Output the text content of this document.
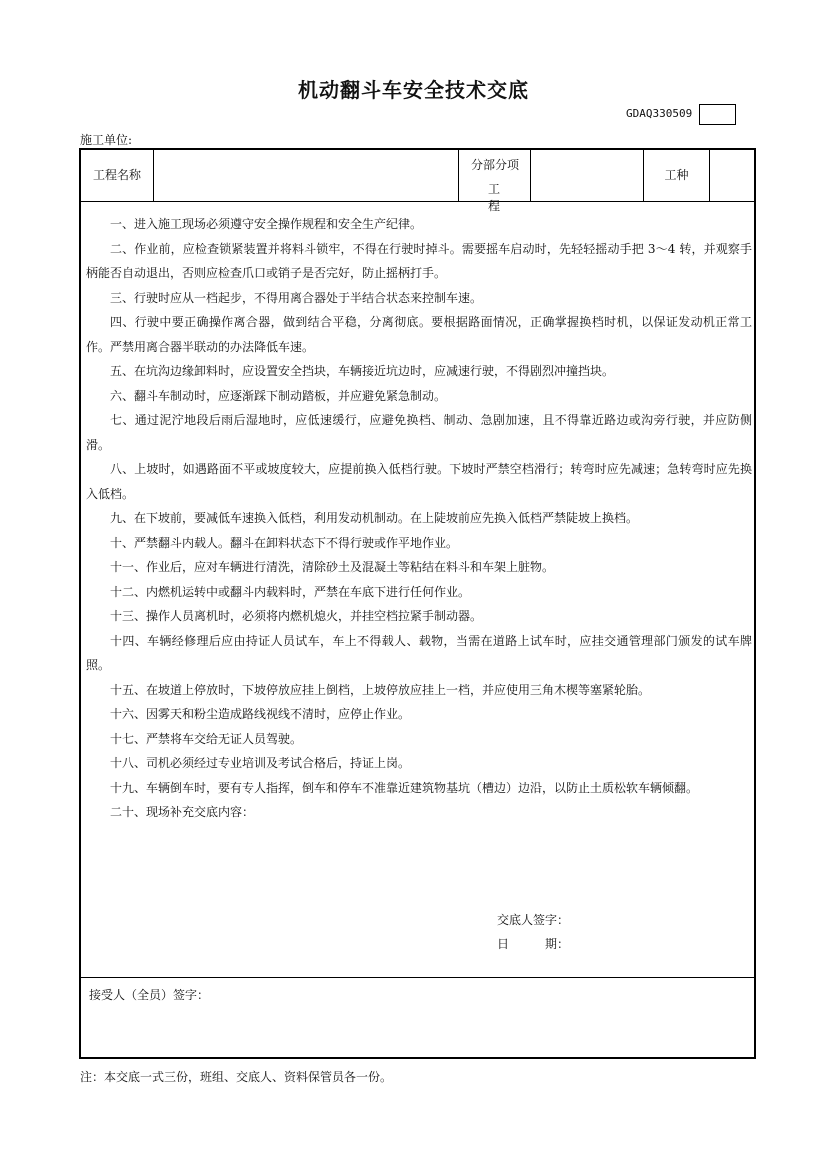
机动翻斗车安全技术交底
GDAQ330509
施工单位:
工程名称
分部分项
工程
工种

一、进入施工现场必须遵守安全操作规程和安全生产纪律。

二、作业前，应检查锁紧装置并将料斗锁牢，不得在行驶时掉斗。需要摇车启动时，先轻轻摇动手把 3～4 转，并观察手柄能否自动退出，否则应检查爪口或销子是否完好，防止摇柄打手。

三、行驶时应从一档起步，不得用离合器处于半结合状态来控制车速。

四、行驶中要正确操作离合器，做到结合平稳，分离彻底。要根据路面情况，正确掌握换档时机，以保证发动机正常工作。严禁用离合器半联动的办法降低车速。

五、在坑沟边缘卸料时，应设置安全挡块，车辆接近坑边时，应减速行驶，不得剧烈冲撞挡块。

六、翻斗车制动时，应逐渐踩下制动踏板，并应避免紧急制动。

七、通过泥泞地段后雨后湿地时，应低速缓行，应避免换档、制动、急剧加速，且不得靠近路边或沟旁行驶，并应防侧滑。

八、上坡时，如遇路面不平或坡度较大，应提前换入低档行驶。下坡时严禁空档滑行；转弯时应先减速；急转弯时应先换入低档。

九、在下坡前，要减低车速换入低档，利用发动机制动。在上陡坡前应先换入低档严禁陡坡上换档。

十、严禁翻斗内载人。翻斗在卸料状态下不得行驶或作平地作业。

十一、作业后，应对车辆进行清洗，清除砂土及混凝土等粘结在料斗和车架上脏物。

十二、内燃机运转中或翻斗内载料时，严禁在车底下进行任何作业。

十三、操作人员离机时，必须将内燃机熄火，并挂空档拉紧手制动器。

十四、车辆经修理后应由持证人员试车，车上不得载人、载物，当需在道路上试车时，应挂交通管理部门颁发的试车牌照。

十五、在坡道上停放时，下坡停放应挂上倒档，上坡停放应挂上一档，并应使用三角木楔等塞紧轮胎。

十六、因雾天和粉尘造成路线视线不清时，应停止作业。

十七、严禁将车交给无证人员驾驶。

十八、司机必须经过专业培训及考试合格后，持证上岗。

十九、车辆倒车时，要有专人指挥，倒车和停车不准靠近建筑物基坑（槽边）边沿，以防止土质松软车辆倾翻。

二十、现场补充交底内容：

交底人签字：
日　　　期：
接受人（全员）签字：
注：本交底一式三份，班组、交底人、资料保管员各一份。
